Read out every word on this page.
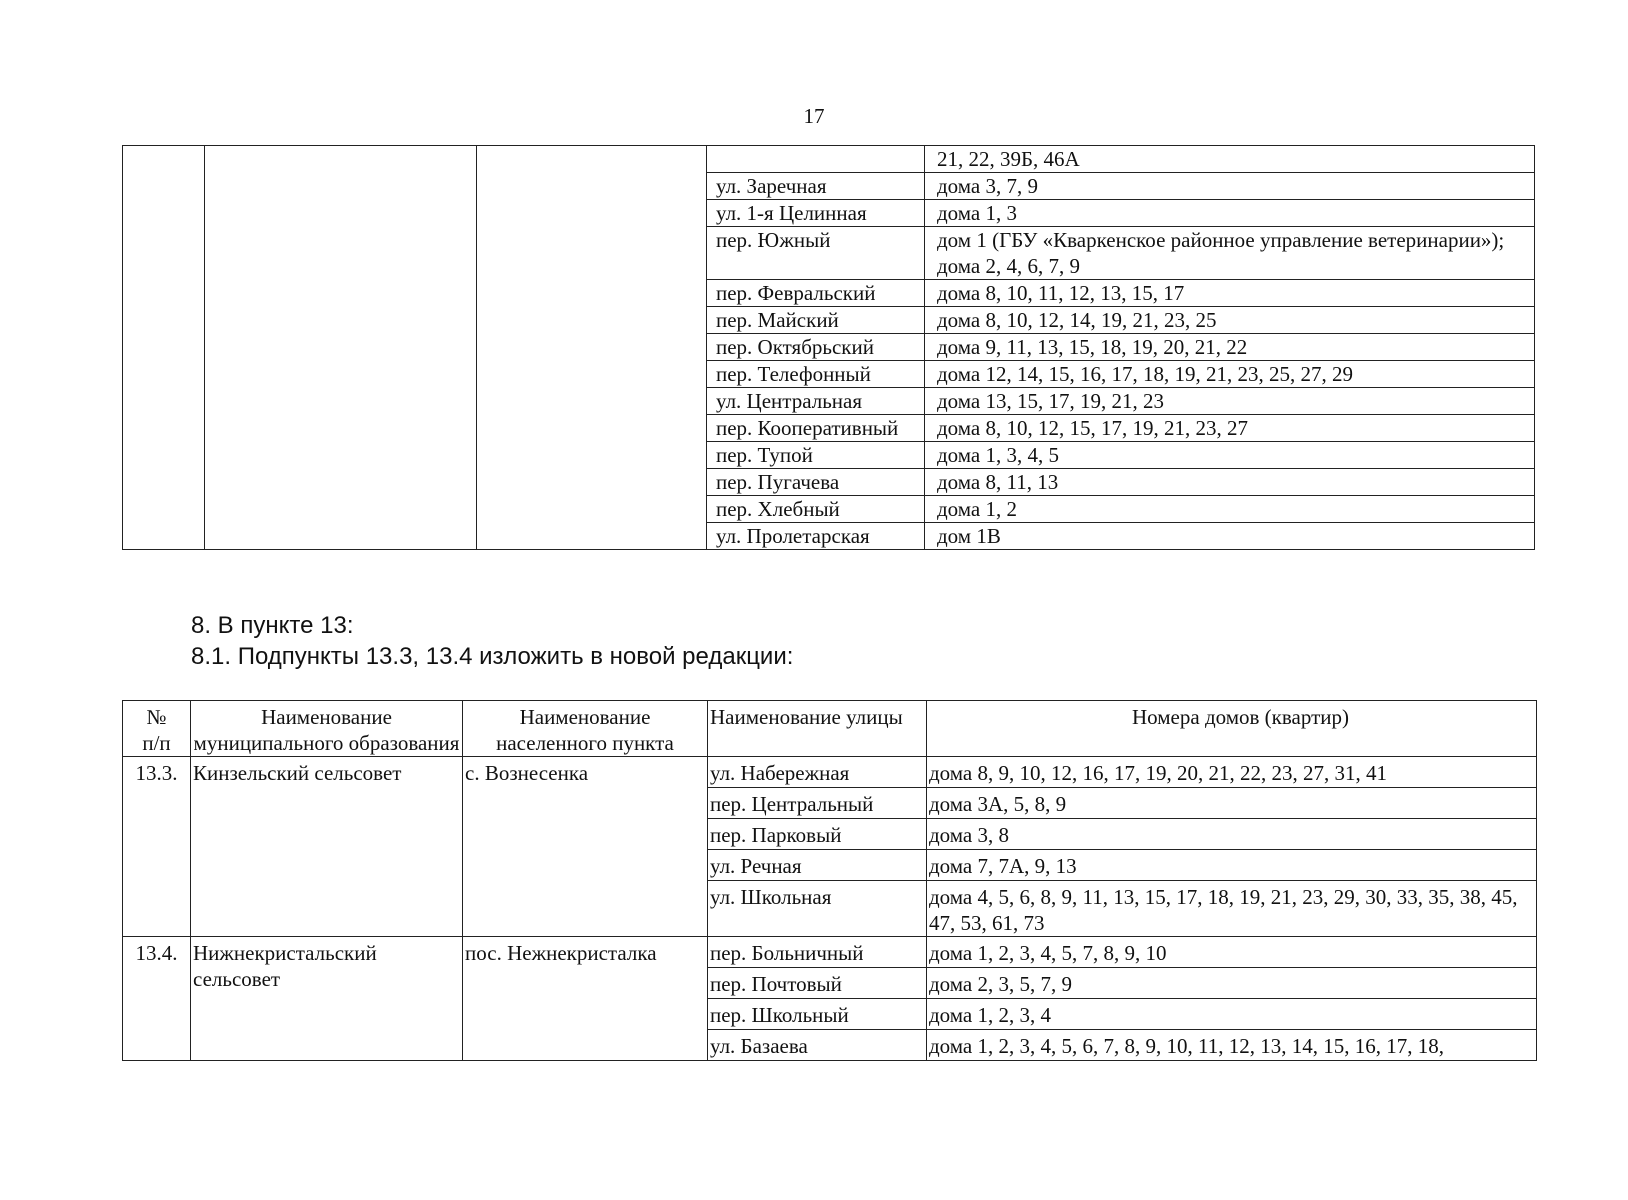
17
				21, 22, 39Б, 46А
			ул. Заречная	дома 3, 7, 9
			ул. 1-я Целинная	дома 1, 3
			пер. Южный	дом 1 (ГБУ «Кваркенское районное управление ветеринарии»);
дома 2, 4, 6, 7, 9

			пер. Февральский	дома 8, 10, 11, 12, 13, 15, 17
			пер. Майский	дома 8, 10, 12, 14, 19, 21, 23, 25
			пер. Октябрьский	дома 9, 11, 13, 15, 18, 19, 20, 21, 22
			пер. Телефонный	дома 12, 14, 15, 16, 17, 18, 19, 21, 23, 25, 27, 29
			ул. Центральная	дома 13, 15, 17, 19, 21, 23
			пер. Кооперативный	дома 8, 10, 12, 15, 17, 19, 21, 23, 27
			пер. Тупой	дома 1, 3, 4, 5
			пер. Пугачева	дома 8, 11, 13
			пер. Хлебный	дома 1, 2
			ул. Пролетарская	дом 1В
8. В пункте 13:
8.1. Подпункты 13.3, 13.4 изложить в новой редакции:
№
п/п	Наименование муниципального образования	Наименование населенного пункта	Наименование улицы	Номера домов (квартир)
13.3.	Кинзельский сельсовет	с. Вознесенка	ул. Набережная	дома 8, 9, 10, 12, 16, 17, 19, 20, 21, 22, 23, 27, 31, 41
			пер. Центральный	дома 3А, 5, 8, 9
			пер. Парковый	дома 3, 8
			ул. Речная	дома 7, 7А, 9, 13
			ул. Школьная	дома 4, 5, 6, 8, 9, 11, 13, 15, 17, 18, 19, 21, 23, 29, 30, 33, 35, 38, 45, 47, 53, 61, 73
13.4.	Нижнекристальский сельсовет	пос. Нежнекристалка	пер. Больничный	дома 1, 2, 3, 4, 5, 7, 8, 9, 10
			пер. Почтовый	дома 2, 3, 5, 7, 9
			пер. Школьный	дома 1, 2, 3, 4
			ул. Базаева	дома 1, 2, 3, 4, 5, 6, 7, 8, 9, 10, 11, 12, 13, 14, 15, 16, 17, 18,
